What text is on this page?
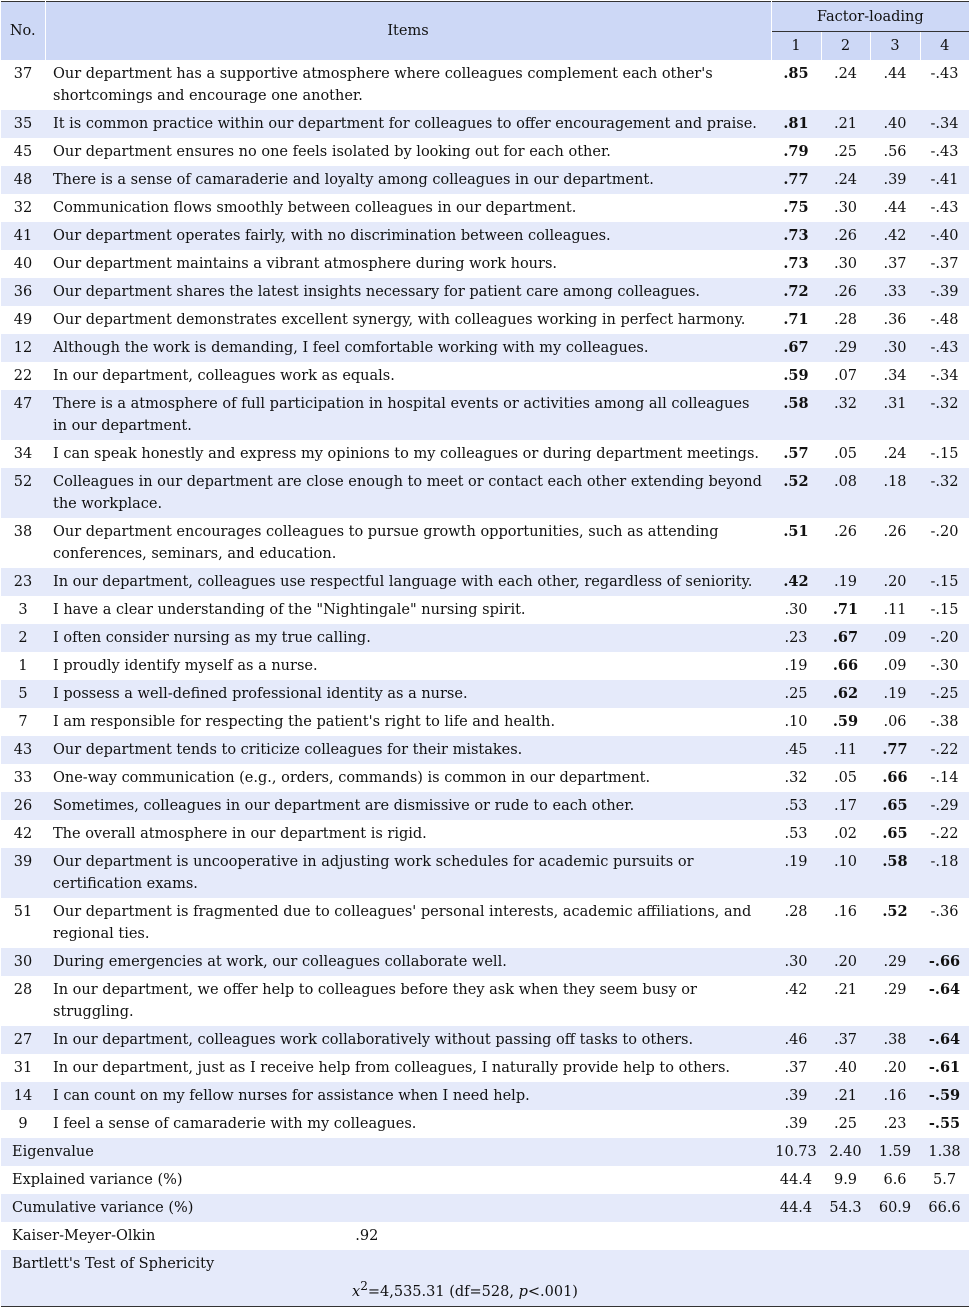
No.	Items	Factor-loading			
		1	2	3	4
37	Our department has a supportive atmosphere where colleagues complement each other's shortcomings and encourage one another.	.85	.24	.44	-.43
35	It is common practice within our department for colleagues to offer encouragement and praise.	.81	.21	.40	-.34
45	Our department ensures no one feels isolated by looking out for each other.	.79	.25	.56	-.43
48	There is a sense of camaraderie and loyalty among colleagues in our department.	.77	.24	.39	-.41
32	Communication flows smoothly between colleagues in our department.	.75	.30	.44	-.43
41	Our department operates fairly, with no discrimination between colleagues.	.73	.26	.42	-.40
40	Our department maintains a vibrant atmosphere during work hours.	.73	.30	.37	-.37
36	Our department shares the latest insights necessary for patient care among colleagues.	.72	.26	.33	-.39
49	Our department demonstrates excellent synergy, with colleagues working in perfect harmony.	.71	.28	.36	-.48
12	Although the work is demanding, I feel comfortable working with my colleagues.	.67	.29	.30	-.43
22	In our department, colleagues work as equals.	.59	.07	.34	-.34
47	There is a atmosphere of full participation in hospital events or activities among all colleagues in our department.	.58	.32	.31	-.32
34	I can speak honestly and express my opinions to my colleagues or during department meetings.	.57	.05	.24	-.15
52	Colleagues in our department are close enough to meet or contact each other extending beyond the workplace.	.52	.08	.18	-.32
38	Our department encourages colleagues to pursue growth opportunities, such as attending conferences, seminars, and education.	.51	.26	.26	-.20
23	In our department, colleagues use respectful language with each other, regardless of seniority.	.42	.19	.20	-.15
3	I have a clear understanding of the "Nightingale" nursing spirit.	.30	.71	.11	-.15
2	I often consider nursing as my true calling.	.23	.67	.09	-.20
1	I proudly identify myself as a nurse.	.19	.66	.09	-.30
5	I possess a well-defined professional identity as a nurse.	.25	.62	.19	-.25
7	I am responsible for respecting the patient's right to life and health.	.10	.59	.06	-.38
43	Our department tends to criticize colleagues for their mistakes.	.45	.11	.77	-.22
33	One-way communication (e.g., orders, commands) is common in our department.	.32	.05	.66	-.14
26	Sometimes, colleagues in our department are dismissive or rude to each other.	.53	.17	.65	-.29
42	The overall atmosphere in our department is rigid.	.53	.02	.65	-.22
39	Our department is uncooperative in adjusting work schedules for academic pursuits or certification exams.	.19	.10	.58	-.18
51	Our department is fragmented due to colleagues' personal interests, academic affiliations, and regional ties.	.28	.16	.52	-.36
30	During emergencies at work, our colleagues collaborate well.	.30	.20	.29	-.66
28	In our department, we offer help to colleagues before they ask when they seem busy or struggling.	.42	.21	.29	-.64
27	In our department, colleagues work collaboratively without passing off tasks to others.	.46	.37	.38	-.64
31	In our department, just as I receive help from colleagues, I naturally provide help to others.	.37	.40	.20	-.61
14	I can count on my fellow nurses for assistance when I need help.	.39	.21	.16	-.59
9	I feel a sense of camaraderie with my colleagues.	.39	.25	.23	-.55
Eigenvalue		10.73	2.40	1.59	1.38
Explained variance (%)		44.4	9.9	6.6	5.7
Cumulative variance (%)		44.4	54.3	60.9	66.6
Kaiser-Meyer-Olkin .92					
Bartlett's Test of Sphericityx$^2$=4,535.31 (df=528, p<.001)					
